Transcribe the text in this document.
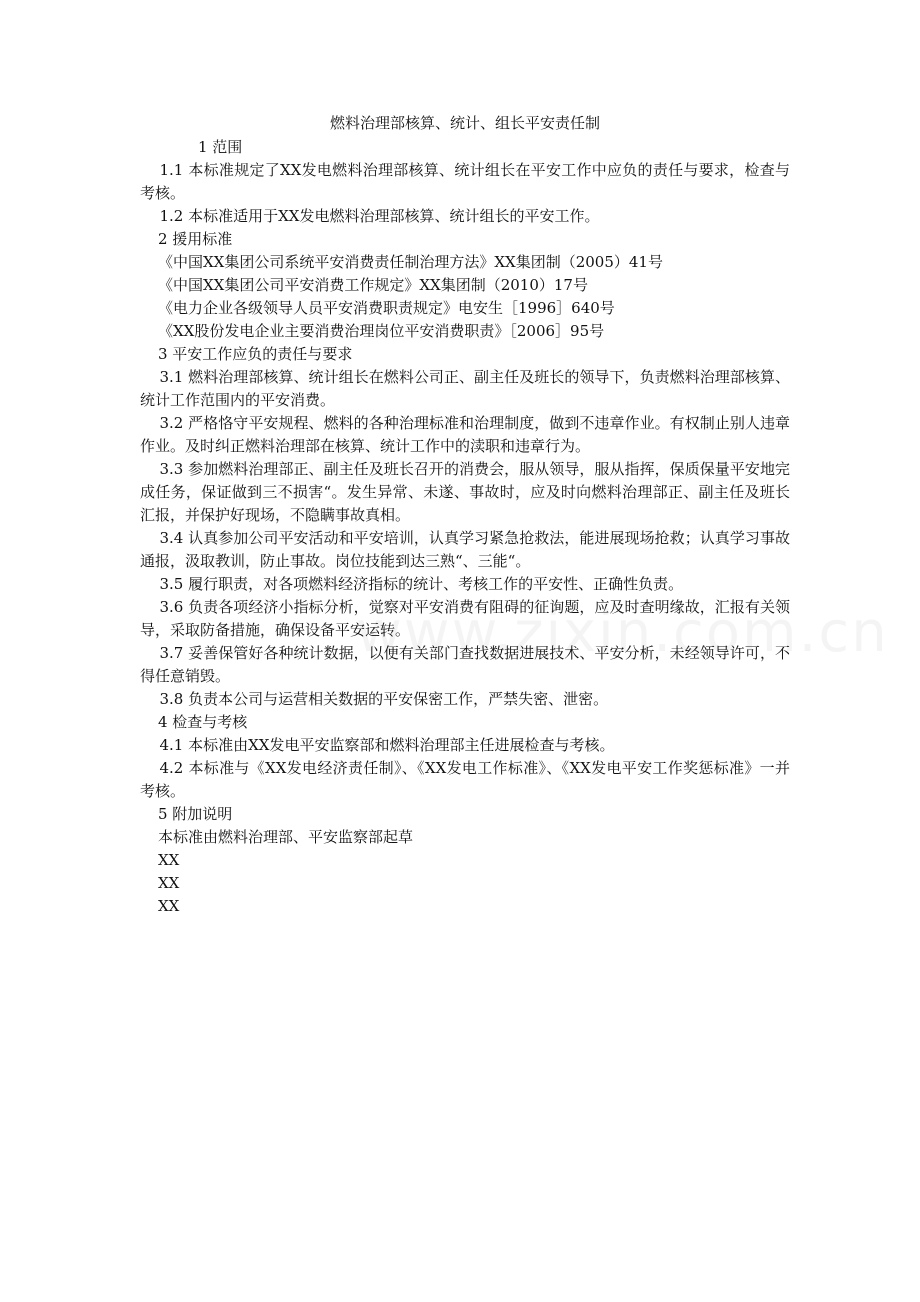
燃料治理部核算、统计、组长平安责任制

1 范围

1.1 本标准规定了XX发电燃料治理部核算、统计组长在平安工作中应负的责任与要求，检查与考核。

1.2 本标准适用于XX发电燃料治理部核算、统计组长的平安工作。

2 援用标准

《中国XX集团公司系统平安消费责任制治理方法》XX集团制（2005）41号

《中国XX集团公司平安消费工作规定》XX集团制（2010）17号

《电力企业各级领导人员平安消费职责规定》电安生［1996］640号

《XX股份发电企业主要消费治理岗位平安消费职责》［2006］95号

3 平安工作应负的责任与要求

3.1 燃料治理部核算、统计组长在燃料公司正、副主任及班长的领导下，负责燃料治理部核算、统计工作范围内的平安消费。

3.2 严格恪守平安规程、燃料的各种治理标准和治理制度，做到不违章作业。有权制止别人违章作业。及时纠正燃料治理部在核算、统计工作中的渎职和违章行为。

3.3 参加燃料治理部正、副主任及班长召开的消费会，服从领导，服从指挥，保质保量平安地完成任务，保证做到三不损害“。发生异常、未遂、事故时，应及时向燃料治理部正、副主任及班长汇报，并保护好现场，不隐瞒事故真相。

3.4 认真参加公司平安活动和平安培训，认真学习紧急抢救法，能进展现场抢救；认真学习事故通报，汲取教训，防止事故。岗位技能到达三熟“、三能“。

3.5 履行职责，对各项燃料经济指标的统计、考核工作的平安性、正确性负责。

3.6 负责各项经济小指标分析，觉察对平安消费有阻碍的征询题，应及时查明缘故，汇报有关领导，采取防备措施，确保设备平安运转。

3.7 妥善保管好各种统计数据，以便有关部门查找数据进展技术、平安分析，未经领导许可，不得任意销毁。

3.8 负责本公司与运营相关数据的平安保密工作，严禁失密、泄密。

4 检查与考核

4.1 本标准由XX发电平安监察部和燃料治理部主任进展检查与考核。

4.2 本标准与《XX发电经济责任制》、《XX发电工作标准》、《XX发电平安工作奖惩标准》一并考核。

5 附加说明

本标准由燃料治理部、平安监察部起草

XX

XX

XX
